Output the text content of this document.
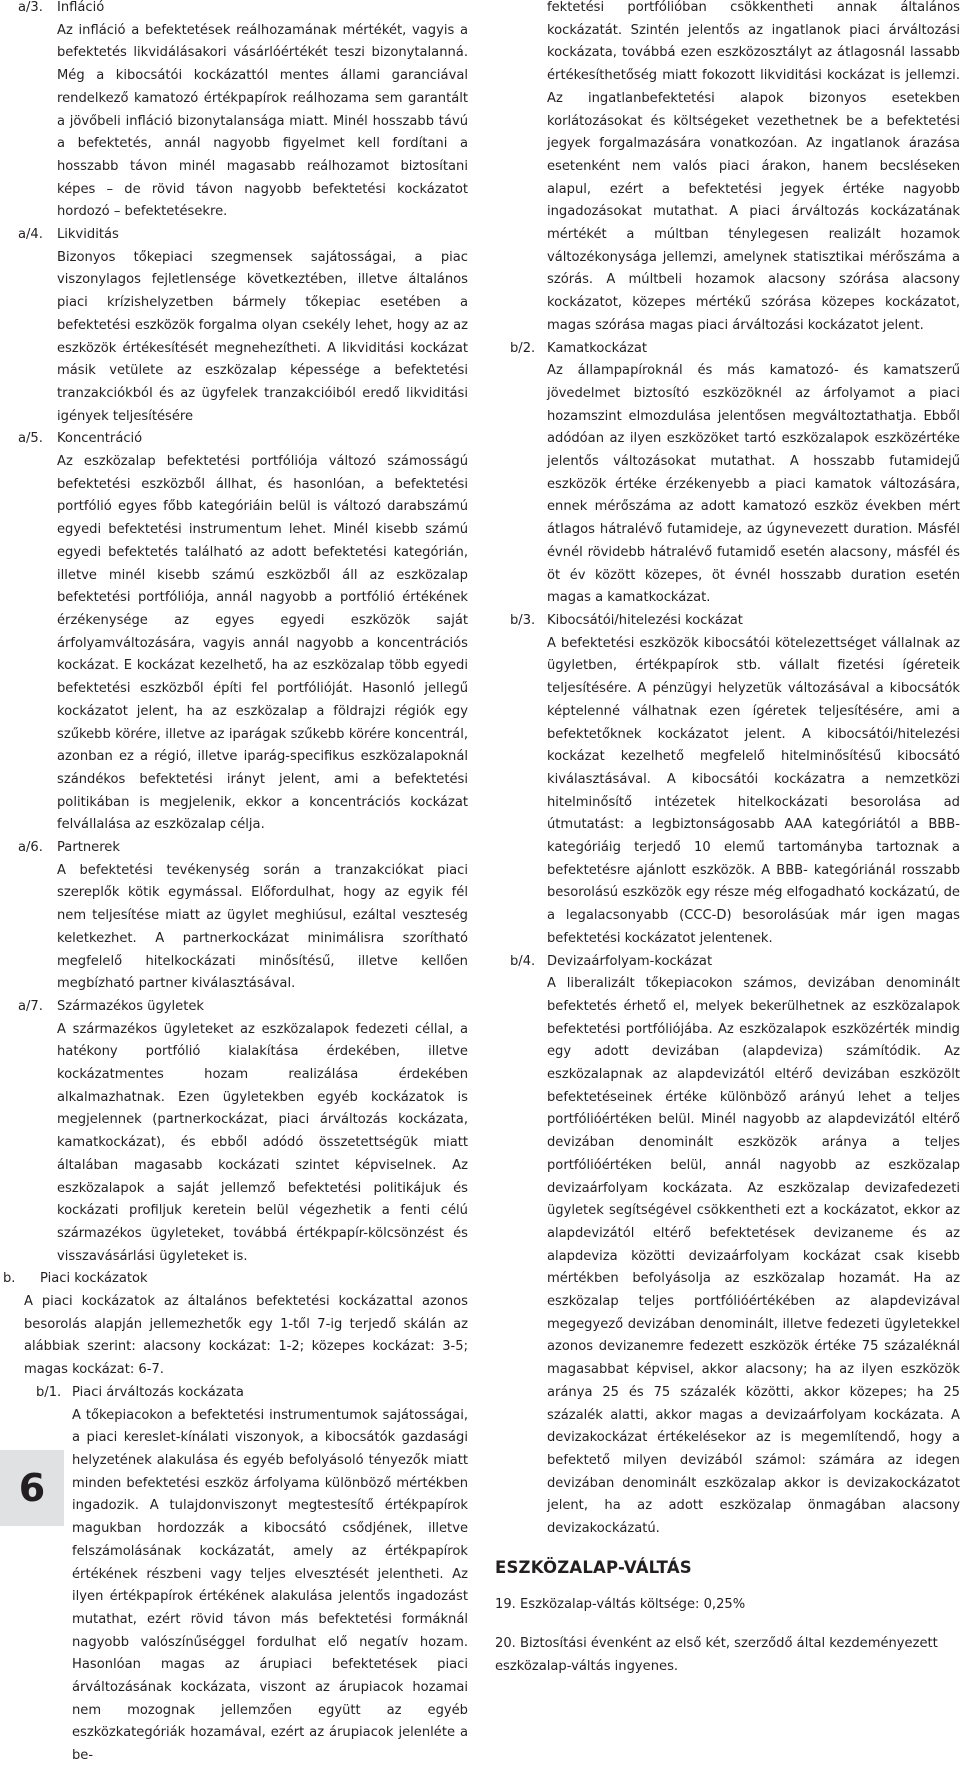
a/3. Infláció

Az infláció a befektetések reálhozamának mértékét, vagyis a befektetés likvidálásakori vásárlóértékét teszi bizonytalanná. Még a kibocsátói kockázattól mentes állami garanciával rendelkező kamatozó értékpapírok reálhozama sem garantált a jövőbeli infláció bizonytalansága miatt. Minél hosszabb távú a befektetés, annál nagyobb figyelmet kell fordítani a hosszabb távon minél magasabb reálhozamot biztosítani képes – de rövid távon nagyobb befektetési kockázatot hordozó – befektetésekre.

a/4. Likviditás

Bizonyos tőkepiaci szegmensek sajátosságai, a piac viszonylagos fejletlensége következtében, illetve általános piaci krízishelyzetben bármely tőkepiac esetében a befektetési eszközök forgalma olyan csekély lehet, hogy az az eszközök értékesítését megnehezítheti. A likviditási kockázat másik vetülete az eszközalap képessége a befektetési tranzakciókból és az ügyfelek tranzakcióiból eredő likviditási igények teljesítésére

a/5. Koncentráció

Az eszközalap befektetési portfóliója változó számosságú befektetési eszközből állhat, és hasonlóan, a befektetési portfólió egyes főbb kategóriáin belül is változó darabszámú egyedi befektetési instrumentum lehet. Minél kisebb számú egyedi befektetés található az adott befektetési kategórián, illetve minél kisebb számú eszközből áll az eszközalap befektetési portfóliója, annál nagyobb a portfólió értékének érzékenysége az egyes egyedi eszközök saját árfolyamváltozására, vagyis annál nagyobb a koncentrációs kockázat. E kockázat kezelhető, ha az eszközalap több egyedi befektetési eszközből építi fel portfólióját. Hasonló jellegű kockázatot jelent, ha az eszközalap a földrajzi régiók egy szűkebb körére, illetve az iparágak szűkebb körére koncentrál, azonban ez a régió, illetve iparág-specifikus eszközalapoknál szándékos befektetési irányt jelent, ami a befektetési politikában is megjelenik, ekkor a koncentrációs kockázat felvállalása az eszközalap célja.

a/6. Partnerek

A befektetési tevékenység során a tranzakciókat piaci szereplők kötik egymással. Előfordulhat, hogy az egyik fél nem teljesítése miatt az ügylet meghiúsul, ezáltal veszteség keletkezhet. A partnerkockázat minimálisra szorítható megfelelő hitelkockázati minősítésű, illetve kellően megbízható partner kiválasztásával.

a/7. Származékos ügyletek

A származékos ügyleteket az eszközalapok fedezeti céllal, a hatékony portfólió kialakítása érdekében, illetve kockázatmentes hozam realizálása érdekében alkalmazhatnak. Ezen ügyletekben egyéb kockázatok is megjelennek (partnerkockázat, piaci árváltozás kockázata, kamatkockázat), és ebből adódó összetettségük miatt általában magasabb kockázati szintet képviselnek. Az eszközalapok a saját jellemző befektetési politikájuk és kockázati profiljuk keretein belül végezhetik a fenti célú származékos ügyleteket, továbbá értékpapír-kölcsönzést és visszavásárlási ügyleteket is.

b. Piaci kockázatok

A piaci kockázatok az általános befektetési kockázattal azonos besorolás alapján jellemezhetők egy 1-től 7-ig terjedő skálán az alábbiak szerint: alacsony kockázat: 1-2; közepes kockázat: 3-5; magas kockázat: 6-7.

b/1. Piaci árváltozás kockázata

A tőkepiacokon a befektetési instrumentumok sajátosságai, a piaci kereslet-kínálati viszonyok, a kibocsátók gazdasági helyzetének alakulása és egyéb befolyásoló tényezők miatt minden befektetési eszköz árfolyama különböző mértékben ingadozik. A tulajdonviszonyt megtestesítő értékpapírok magukban hordozzák a kibocsátó csődjének, illetve felszámolásának kockázatát, amely az értékpapírok értékének részbeni vagy teljes elvesztését jelentheti. Az ilyen értékpapírok értékének alakulása jelentős ingadozást mutathat, ezért rövid távon más befektetési formáknál nagyobb valószínűséggel fordulhat elő negatív hozam. Hasonlóan magas az árupiaci befektetések piaci árváltozásának kockázata, viszont az árupiacok hozamai nem mozognak jellemzően együtt az egyéb eszközkategóriák hozamával, ezért az árupiacok jelenléte a be-

fektetési portfólióban csökkentheti annak általános kockázatát. Szintén jelentős az ingatlanok piaci árváltozási kockázata, továbbá ezen eszközosztályt az átlagosnál lassabb értékesíthetőség miatt fokozott likviditási kockázat is jellemzi. Az ingatlanbefektetési alapok bizonyos esetekben korlátozásokat és költségeket vezethetnek be a befektetési jegyek forgalmazására vonatkozóan. Az ingatlanok árazása esetenként nem valós piaci árakon, hanem becsléseken alapul, ezért a befektetési jegyek értéke nagyobb ingadozásokat mutathat. A piaci árváltozás kockázatának mértékét a múltban ténylegesen realizált hozamok változékonysága jellemzi, amelynek statisztikai mérőszáma a szórás. A múltbeli hozamok alacsony szórása alacsony kockázatot, közepes mértékű szórása közepes kockázatot, magas szórása magas piaci árváltozási kockázatot jelent.

b/2. Kamatkockázat

Az állampapíroknál és más kamatozó- és kamatszerű jövedelmet biztosító eszközöknél az árfolyamot a piaci hozamszint elmozdulása jelentősen megváltoztathatja. Ebből adódóan az ilyen eszközöket tartó eszközalapok eszközértéke jelentős változásokat mutathat. A hosszabb futamidejű eszközök értéke érzékenyebb a piaci kamatok változására, ennek mérőszáma az adott kamatozó eszköz években mért átlagos hátralévő futamideje, az úgynevezett duration. Másfél évnél rövidebb hátralévő futamidő esetén alacsony, másfél és öt év között közepes, öt évnél hosszabb duration esetén magas a kamatkockázat.

b/3. Kibocsátói/hitelezési kockázat

A befektetési eszközök kibocsátói kötelezettséget vállalnak az ügyletben, értékpapírok stb. vállalt fizetési ígéreteik teljesítésére. A pénzügyi helyzetük változásával a kibocsátók képtelenné válhatnak ezen ígéretek teljesítésére, ami a befektetőknek kockázatot jelent. A kibocsátói/hitelezési kockázat kezelhető megfelelő hitelminősítésű kibocsátó kiválasztásával. A kibocsátói kockázatra a nemzetközi hitelminősítő intézetek hitelkockázati besorolása ad útmutatást: a legbiztonságosabb AAA kategóriától a BBB-kategóriáig terjedő 10 elemű tartományba tartoznak a befektetésre ajánlott eszközök. A BBB- kategóriánál rosszabb besorolású eszközök egy része még elfogadható kockázatú, de a legalacsonyabb (CCC-D) besorolásúak már igen magas befektetési kockázatot jelentenek.

b/4. Devizaárfolyam-kockázat

A liberalizált tőkepiacokon számos, devizában denominált befektetés érhető el, melyek bekerülhetnek az eszközalapok befektetési portfóliójába. Az eszközalapok eszközérték mindig egy adott devizában (alapdeviza) számítódik. Az eszközalapnak az alapdevizától eltérő devizában eszközölt befektetéseinek értéke különböző arányú lehet a teljes portfólióértéken belül. Minél nagyobb az alapdevizától eltérő devizában denominált eszközök aránya a teljes portfólióértéken belül, annál nagyobb az eszközalap devizaárfolyam kockázata. Az eszközalap devizafedezeti ügyletek segítségével csökkentheti ezt a kockázatot, ekkor az alapdevizától eltérő befektetések devizaneme és az alapdeviza közötti devizaárfolyam kockázat csak kisebb mértékben befolyásolja az eszközalap hozamát. Ha az eszközalap teljes portfólióértékében az alapdevizával megegyező devizában denominált, illetve fedezeti ügyletekkel azonos devizanemre fedezett eszközök értéke 75 százaléknál magasabbat képvisel, akkor alacsony; ha az ilyen eszközök aránya 25 és 75 százalék közötti, akkor közepes; ha 25 százalék alatti, akkor magas a devizaárfolyam kockázata. A devizakockázat értékelésekor az is megemlítendő, hogy a befektető milyen devizából számol: számára az idegen devizában denominált eszközalap akkor is devizakockázatot jelent, ha az adott eszközalap önmagában alacsony devizakockázatú.

ESZKÖZALAP-VÁLTÁS
19. Eszközalap-váltás költsége: 0,25%
20. Biztosítási évenként az első két, szerződő által kezdeményezett eszközalap-váltás ingyenes.
6
